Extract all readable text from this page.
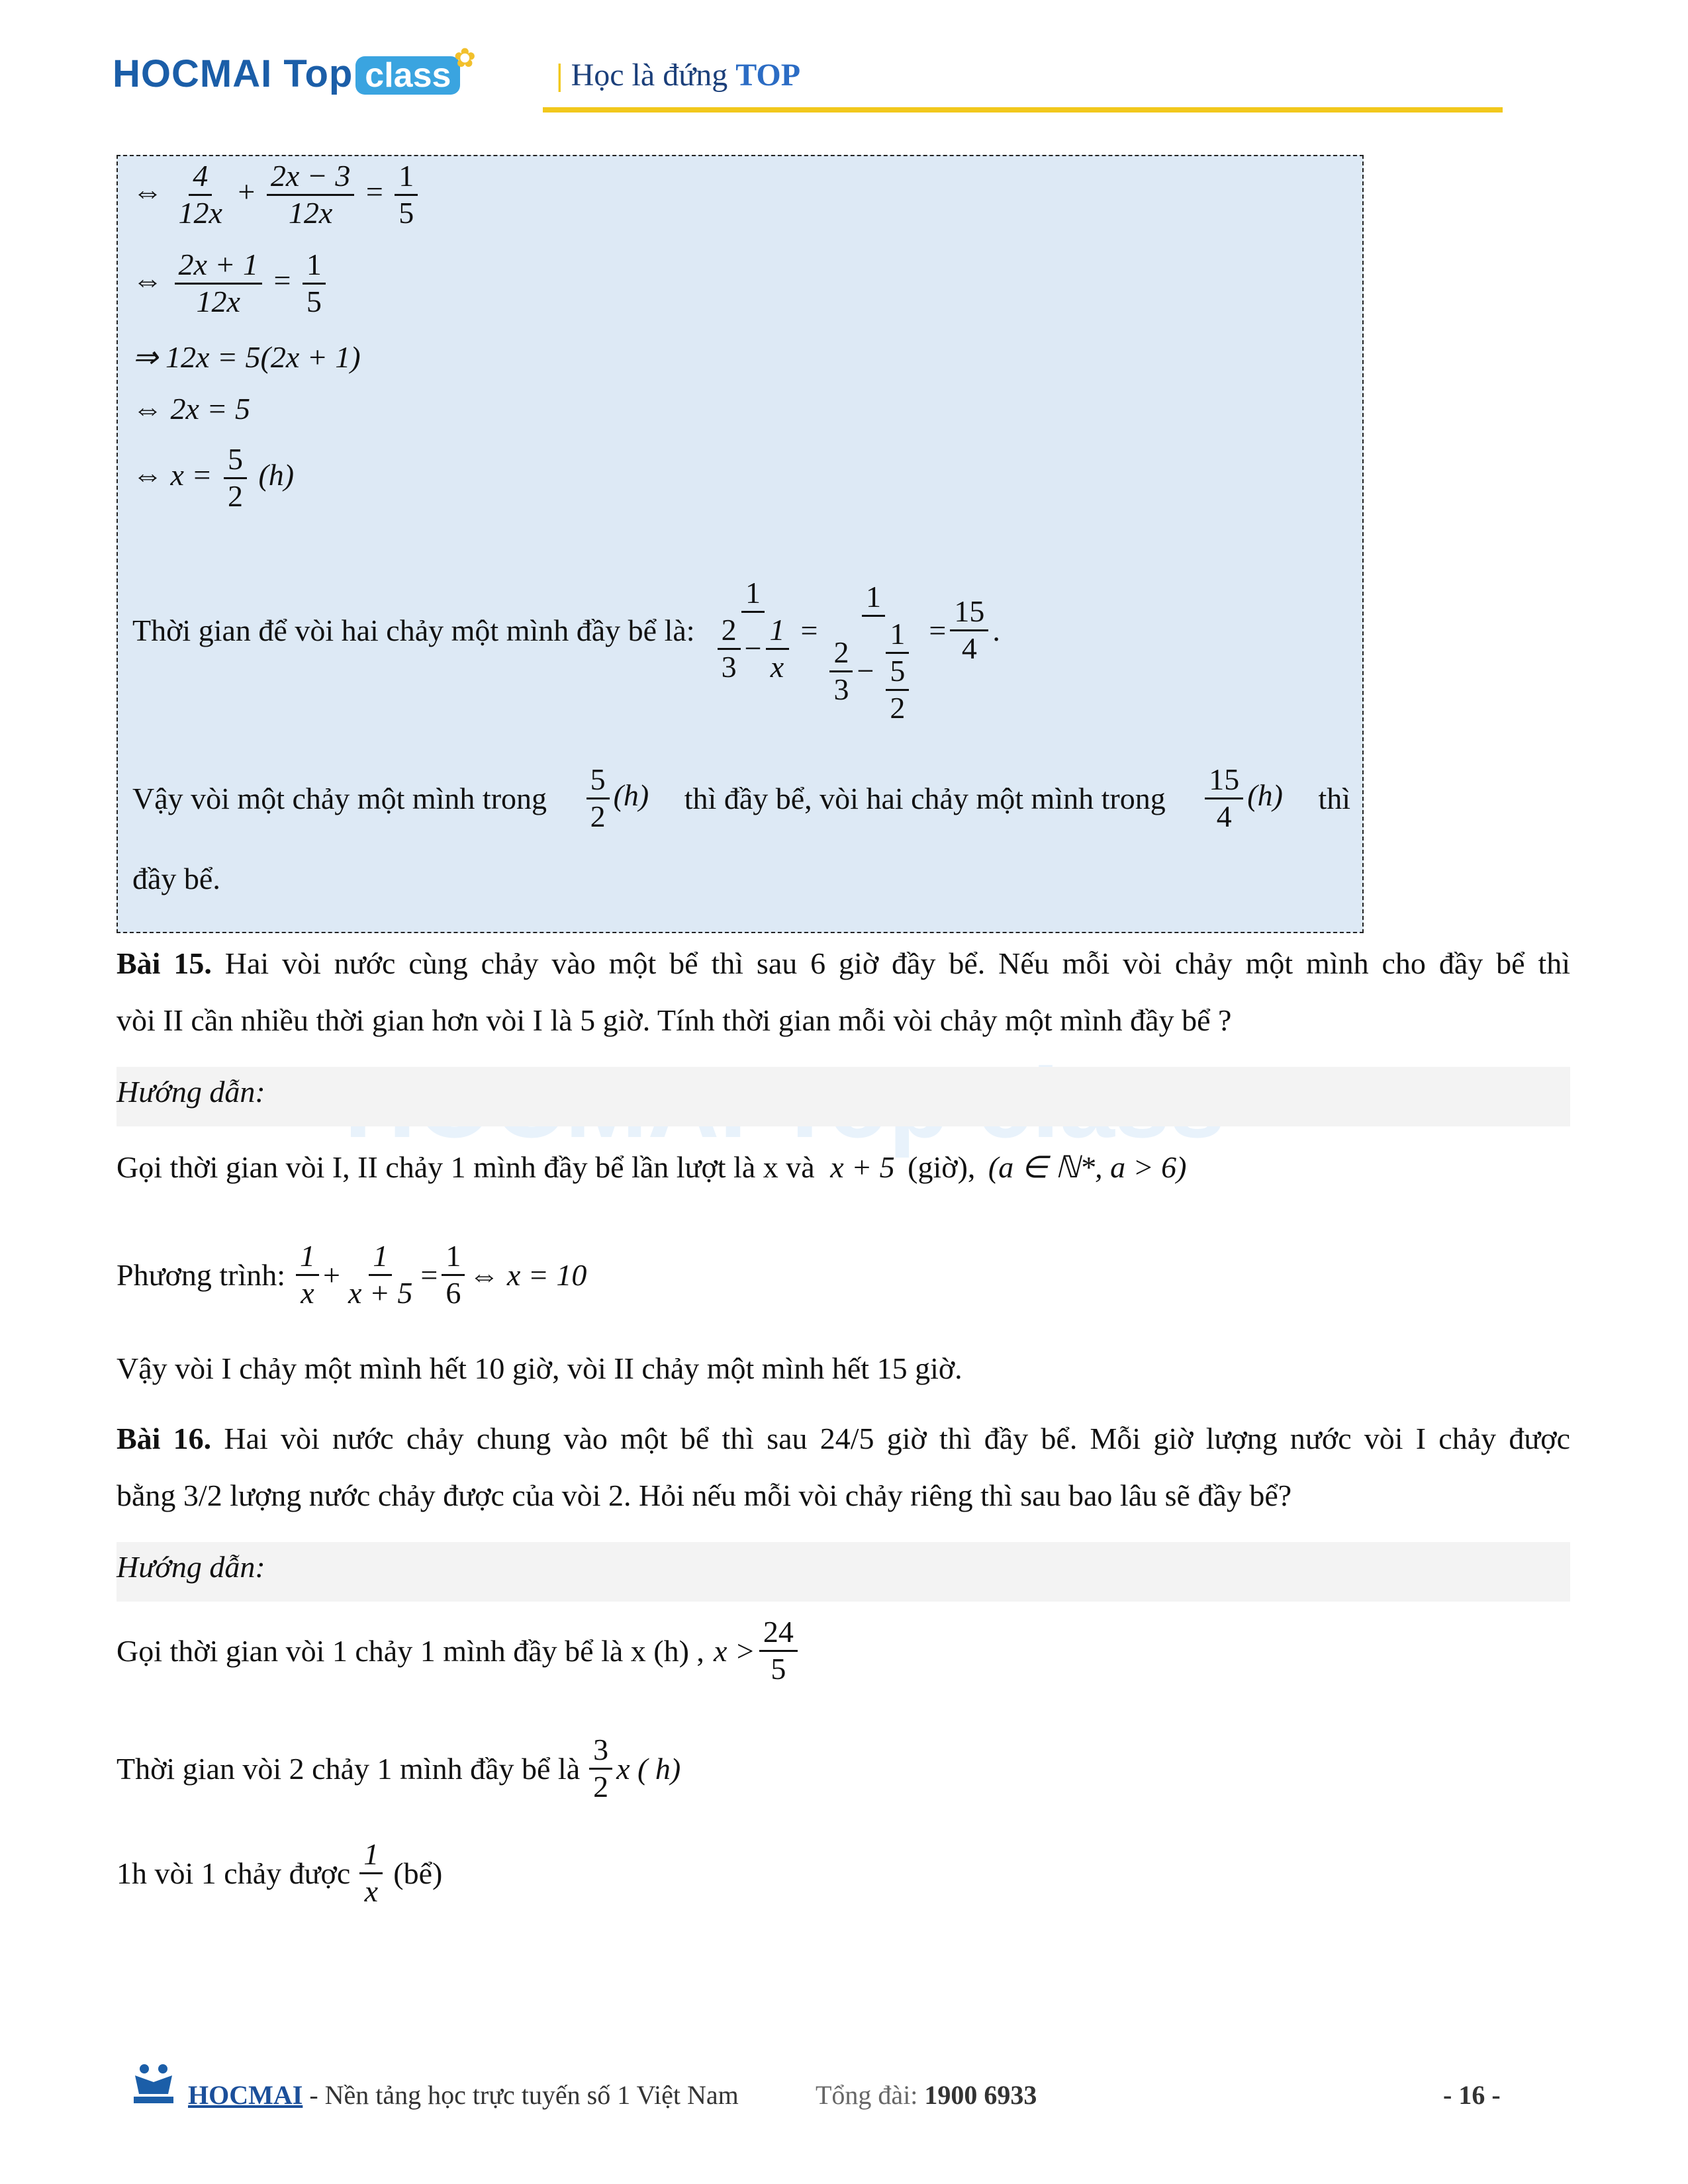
HOCMAI Top class ✿	| Học là đứng TOP
⇔ $\frac{4}{12x} + \frac{2x - 3}{12x} = \frac{1}{5}$
⇔ $\frac{2x + 1}{12x} = \frac{1}{5}$
⇒ 12x = 5(2x + 1)
⇔ 2x = 5
⇔ $x = \frac{5}{2} (h)$
Thời gian để vòi hai chảy một mình đầy bể là: $\frac{1}{\frac{2}{3} - \frac{1}{x}} = \frac{1}{\frac{2}{3} - \frac{1}{\frac{5}{2}}} = \frac{15}{4}$ .
Vậy vòi một chảy một mình trong $\frac{5}{2} (h)$ thì đầy bể, vòi hai chảy một mình trong $\frac{15}{4} (h)$ thì
đầy bể.
Bài 15. Hai vòi nước cùng chảy vào một bể thì sau 6 giờ đầy bể. Nếu mỗi vòi chảy một mình cho đầy bể thì
vòi II cần nhiều thời gian hơn vòi I là 5 giờ. Tính thời gian mỗi vòi chảy một mình đầy bể ?
Hướng dẫn:
Gọi thời gian vòi I, II chảy 1 mình đầy bể lần lượt là x và x + 5 (giờ), (a ∈ ℕ*, a > 6)
Phương trình: $\frac{1}{x} + \frac{1}{x + 5} = \frac{1}{6}$ ⇔ x = 10
Vậy vòi I chảy một mình hết 10 giờ, vòi II chảy một mình hết 15 giờ.
Bài 16. Hai vòi nước chảy chung vào một bể thì sau 24/5 giờ thì đầy bể. Mỗi giờ lượng nước vòi I chảy được
bằng 3/2 lượng nước chảy được của vòi 2. Hỏi nếu mỗi vòi chảy riêng thì sau bao lâu sẽ đầy bể?
Hướng dẫn:
Gọi thời gian vòi 1 chảy 1 mình đầy bể là x (h) , $x > \frac{24}{5}$
Thời gian vòi 2 chảy 1 mình đầy bể là $\frac{3}{2}$ x ( h)
1h vòi 1 chảy được $\frac{1}{x}$ (bể)
HOCMAI - Nền tảng học trực tuyến số 1 Việt Nam	Tổng đài: 1900 6933	- 16 -
